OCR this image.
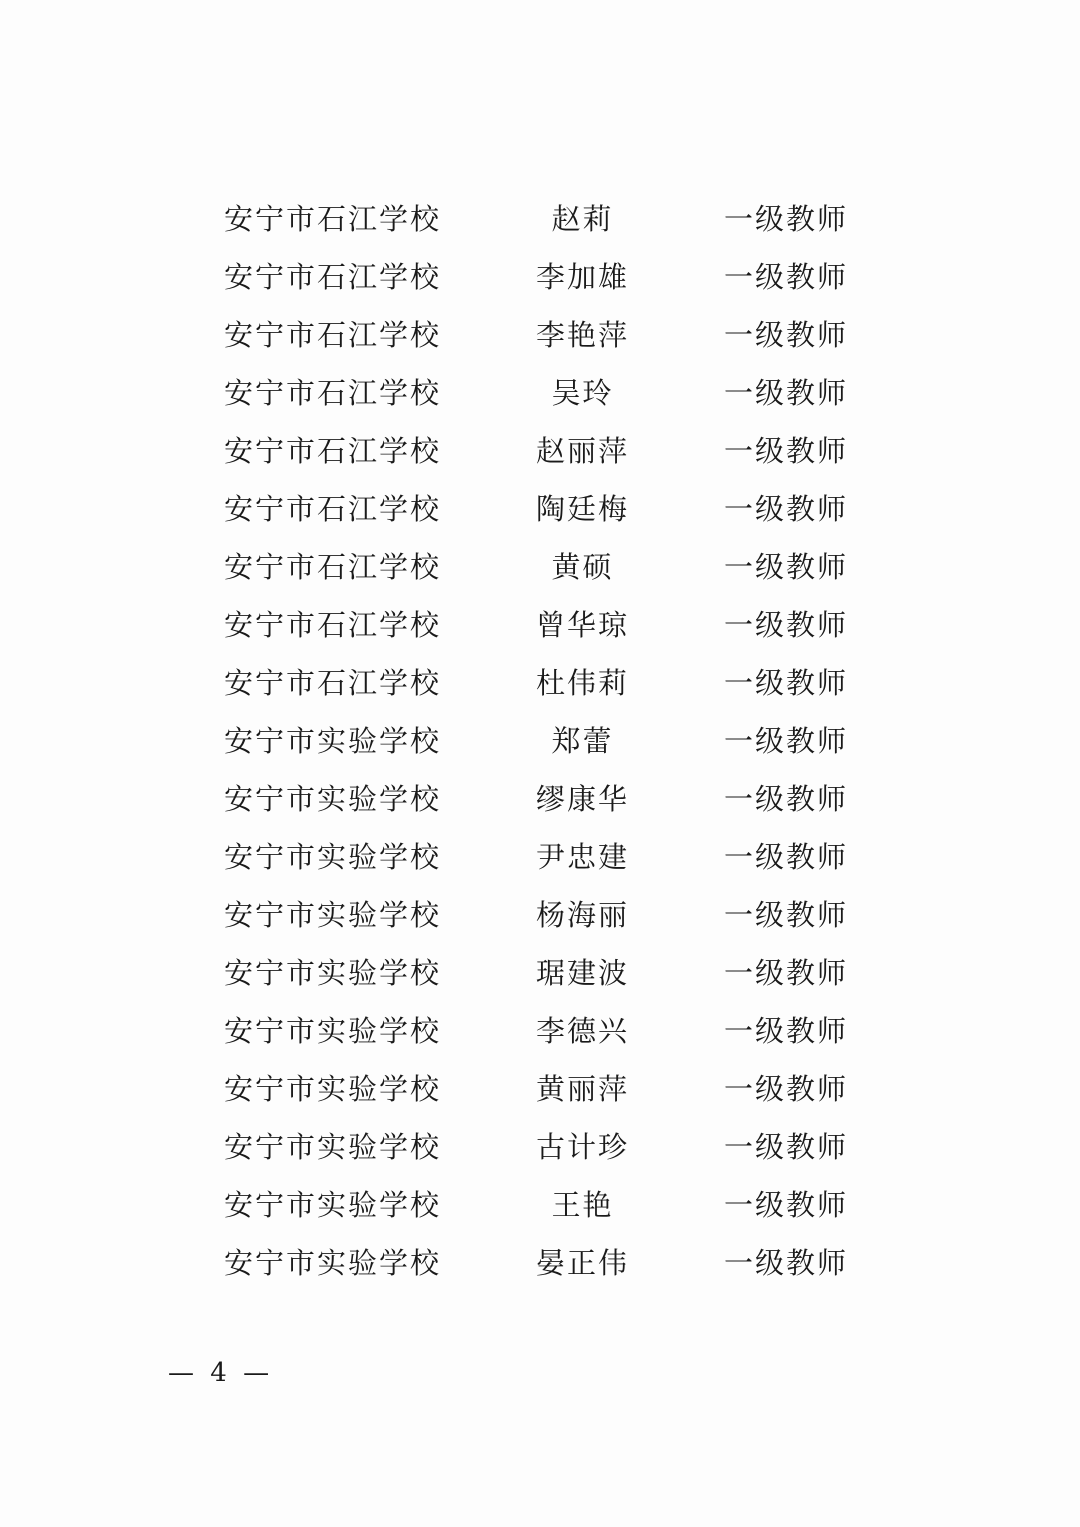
安宁市石江学校	赵莉	一级教师
安宁市石江学校	李加雄	一级教师
安宁市石江学校	李艳萍	一级教师
安宁市石江学校	吴玲	一级教师
安宁市石江学校	赵丽萍	一级教师
安宁市石江学校	陶廷梅	一级教师
安宁市石江学校	黄硕	一级教师
安宁市石江学校	曾华琼	一级教师
安宁市石江学校	杜伟莉	一级教师
安宁市实验学校	郑蕾	一级教师
安宁市实验学校	缪康华	一级教师
安宁市实验学校	尹忠建	一级教师
安宁市实验学校	杨海丽	一级教师
安宁市实验学校	琚建波	一级教师
安宁市实验学校	李德兴	一级教师
安宁市实验学校	黄丽萍	一级教师
安宁市实验学校	古计珍	一级教师
安宁市实验学校	王艳	一级教师
安宁市实验学校	晏正伟	一级教师
— 4 —
